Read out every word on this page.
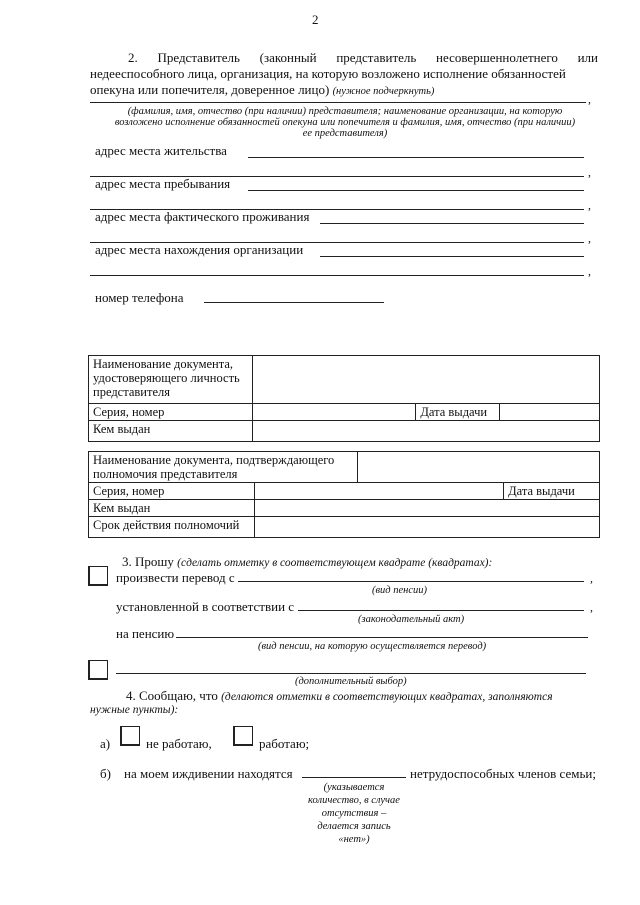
2
2. Представитель (законный представитель несовершеннолетнего или
недееспособного лица, организация, на которую возложено исполнение обязанностей
опекуна или попечителя, доверенное лицо) (нужное подчеркнуть)
,
(фамилия, имя, отчество (при наличии) представителя; наименование организации, на которую
возложено исполнение обязанностей опекуна или попечителя и фамилия, имя, отчество (при наличии)
ее представителя)
адрес места жительства
,
адрес места пребывания
,
адрес места фактического проживания
,
адрес места нахождения организации
,
номер телефона
Наименование документа, удостоверяющего личность представителя			
Серия, номер		Дата выдачи	
Кем выдан			
Наименование документа, подтверждающего полномочия представителя			
Серия, номер			Дата выдачи
Кем выдан			
Срок действия полномочий			
3. Прошу (сделать отметку в соответствующем квадрате (квадратах):
произвести перевод с	,
(вид пенсии)
установленной в соответствии с	,
(законодательный акт)
на пенсию
(вид пенсии, на которую осуществляется перевод)
(дополнительный выбор)
4. Сообщаю, что (делаются отметки в соответствующих квадратах, заполняются
нужные пункты):
а)	не работаю,	работаю;
б) на моем иждивении находятся	нетрудоспособных членов семьи;
(указывается
количество, в случае
отсутствия –
делается запись
«нет»)
